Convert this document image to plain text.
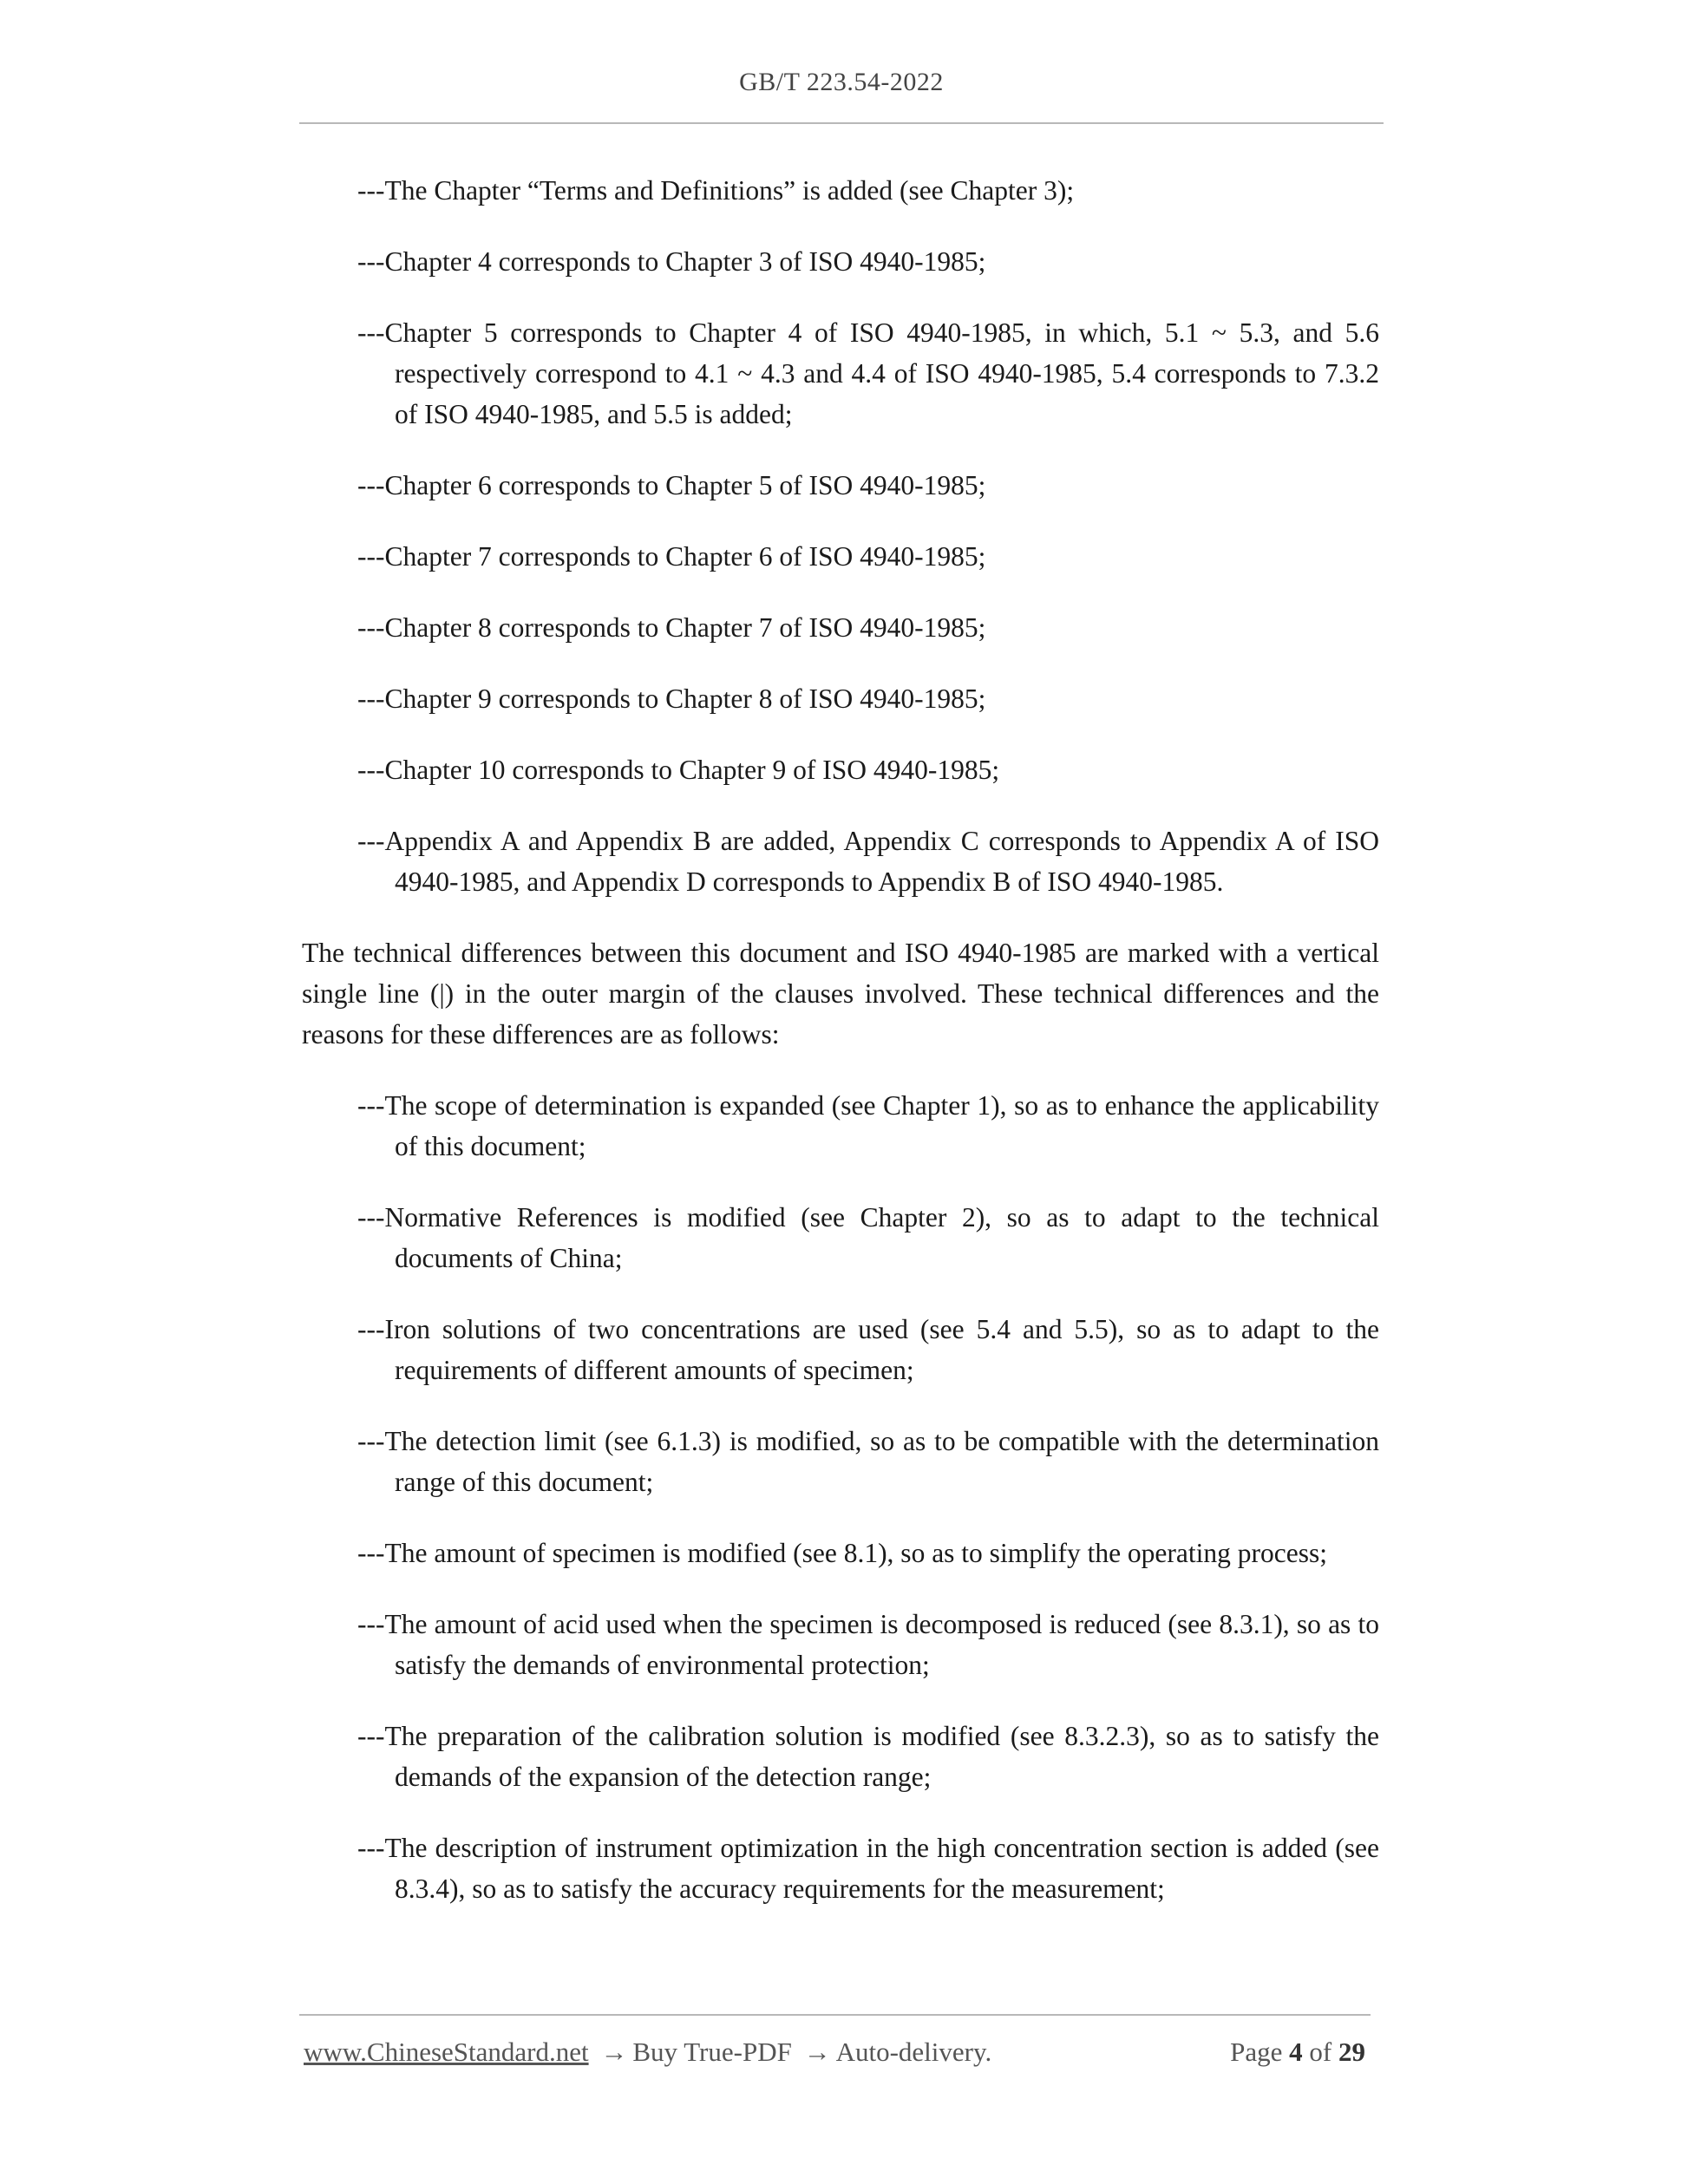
GB/T 223.54-2022

---The Chapter “Terms and Definitions” is added (see Chapter 3);

---Chapter 4 corresponds to Chapter 3 of ISO 4940-1985;

---Chapter 5 corresponds to Chapter 4 of ISO 4940-1985, in which, 5.1 ~ 5.3, and 5.6 respectively correspond to 4.1 ~ 4.3 and 4.4 of ISO 4940-1985, 5.4 corresponds to 7.3.2 of ISO 4940-1985, and 5.5 is added;

---Chapter 6 corresponds to Chapter 5 of ISO 4940-1985;

---Chapter 7 corresponds to Chapter 6 of ISO 4940-1985;

---Chapter 8 corresponds to Chapter 7 of ISO 4940-1985;

---Chapter 9 corresponds to Chapter 8 of ISO 4940-1985;

---Chapter 10 corresponds to Chapter 9 of ISO 4940-1985;

---Appendix A and Appendix B are added, Appendix C corresponds to Appendix A of ISO 4940-1985, and Appendix D corresponds to Appendix B of ISO 4940-1985.

The technical differences between this document and ISO 4940-1985 are marked with a vertical single line (|) in the outer margin of the clauses involved. These technical differences and the reasons for these differences are as follows:

---The scope of determination is expanded (see Chapter 1), so as to enhance the applicability of this document;

---Normative References is modified (see Chapter 2), so as to adapt to the technical documents of China;

---Iron solutions of two concentrations are used (see 5.4 and 5.5), so as to adapt to the requirements of different amounts of specimen;

---The detection limit (see 6.1.3) is modified, so as to be compatible with the determination range of this document;

---The amount of specimen is modified (see 8.1), so as to simplify the operating process;

---The amount of acid used when the specimen is decomposed is reduced (see 8.3.1), so as to satisfy the demands of environmental protection;

---The preparation of the calibration solution is modified (see 8.3.2.3), so as to satisfy the demands of the expansion of the detection range;

---The description of instrument optimization in the high concentration section is added (see 8.3.4), so as to satisfy the accuracy requirements for the measurement;

www.ChineseStandard.net → Buy True-PDF → Auto-delivery.	Page 4 of 29
